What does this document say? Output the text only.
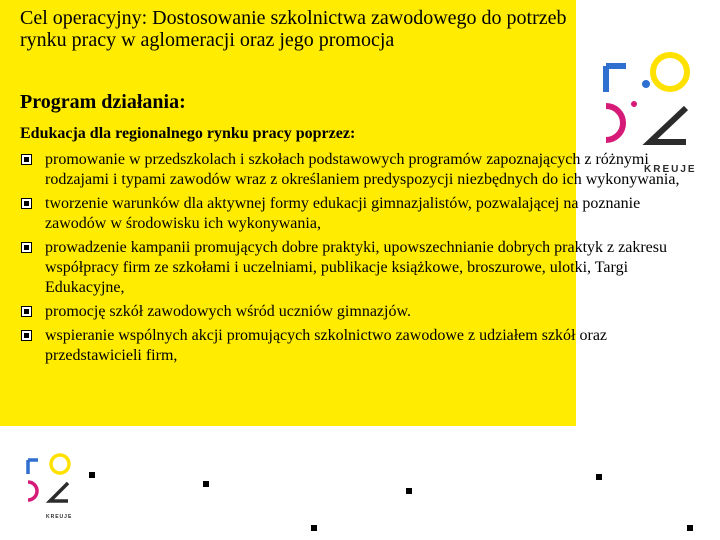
Cel operacyjny: Dostosowanie szkolnictwa zawodowego do potrzeb rynku pracy w aglomeracji oraz jego promocja
Program działania:
Edukacja dla regionalnego rynku pracy poprzez:
promowanie w przedszkolach i szkołach podstawowych programów zapoznających z różnymi rodzajami i typami zawodów wraz z określaniem predyspozycji niezbędnych do ich wykonywania,
tworzenie warunków dla aktywnej formy edukacji gimnazjalistów, pozwalającej na poznanie zawodów w środowisku ich wykonywania,
prowadzenie kampanii promujących dobre praktyki, upowszechnianie dobrych praktyk z zakresu współpracy firm ze szkołami i uczelniami, publikacje książkowe, broszurowe, ulotki, Targi Edukacyjne,
promocję szkół zawodowych wśród uczniów gimnazjów.
wspieranie wspólnych akcji promujących szkolnictwo zawodowe z udziałem szkół oraz przedstawicieli firm,
KREUJE
KREUJE
